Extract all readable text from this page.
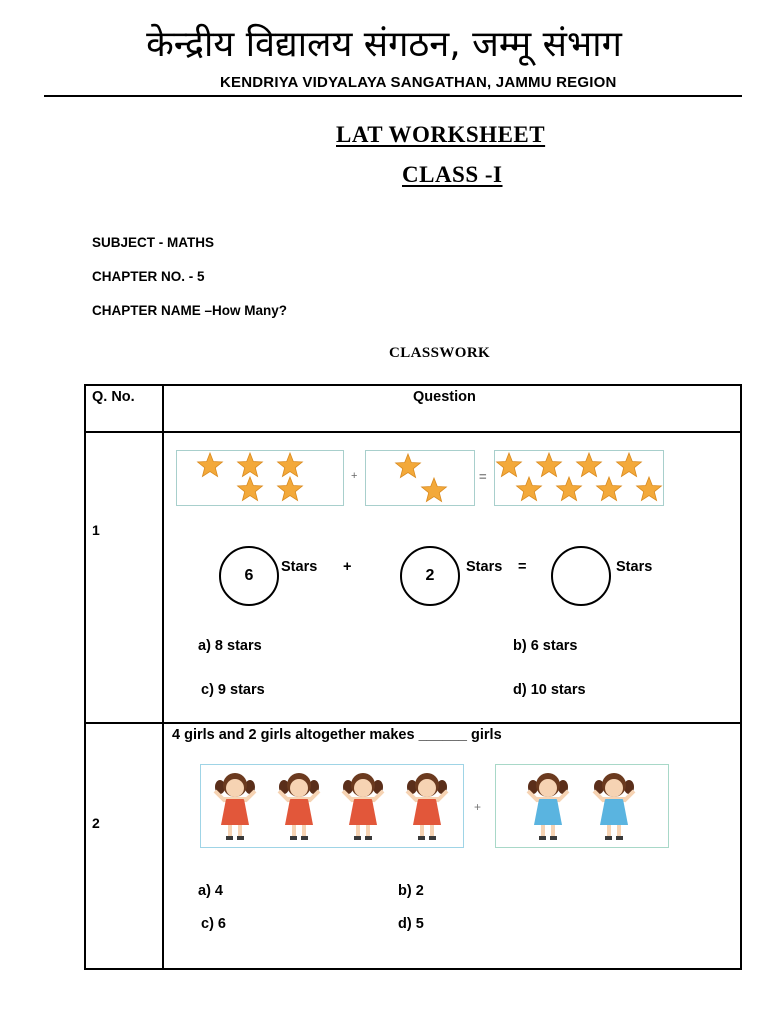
केन्द्रीय विद्यालय संगठन, जम्मू संभाग
KENDRIYA VIDYALAYA SANGATHAN, JAMMU REGION
LAT WORKSHEET
CLASS -I
SUBJECT - MATHS
CHAPTER NO. - 5
CHAPTER NAME –How Many?
CLASSWORK
Q. No.	Question
1
+	=
6	Stars +	2	Stars =	Stars
a) 8 stars	b) 6 stars
c) 9 stars	d) 10 stars
2
4 girls and 2 girls altogether makes ______ girls
+
a) 4	b) 2
c) 6	d) 5
